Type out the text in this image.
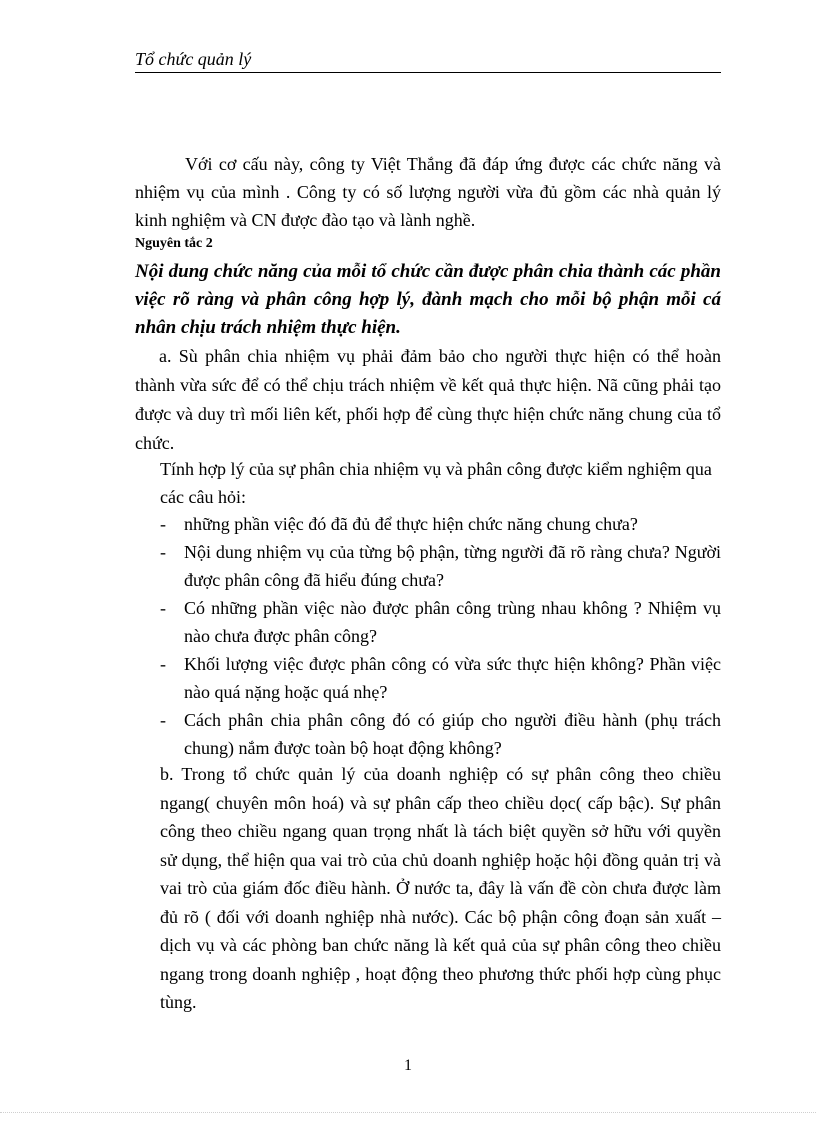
Tổ chức quản lý
Với cơ cấu này, công ty Việt Thắng đã đáp ứng được các chức năng và nhiệm vụ của mình . Công ty có số lượng người vừa đủ gồm các nhà quản lý kinh nghiệm và CN được đào tạo và lành nghề.
Nguyên tắc 2
Nội dung chức năng của mỗi tổ chức cần được phân chia thành các phần việc rõ ràng và phân công hợp lý, đành mạch cho mỗi bộ phận mỗi cá nhân chịu trách nhiệm thực hiện.
a. Sù phân chia nhiệm vụ phải đảm bảo cho người thực hiện có thể hoàn thành vừa sức để có thể chịu trách nhiệm về kết quả thực hiện. Nã cũng phải tạo được và duy trì mối liên kết, phối hợp để cùng thực hiện chức năng chung của tổ chức.
Tính hợp lý của sự phân chia nhiệm vụ và phân công được kiểm nghiệm qua các câu hỏi:
- những phần việc đó đã đủ để thực hiện chức năng chung chưa?
- Nội dung nhiệm vụ của từng bộ phận, từng người đã rõ ràng chưa? Người được phân công đã hiểu đúng chưa?
- Có những phần việc nào được phân công trùng nhau không ? Nhiệm vụ nào chưa được phân công?
- Khối lượng việc được phân công có vừa sức thực hiện không? Phần việc nào quá nặng hoặc quá nhẹ?
- Cách phân chia phân công đó có giúp cho người điều hành (phụ trách chung) nắm được toàn bộ hoạt động không?
b. Trong tổ chức quản lý của doanh nghiệp có sự phân công theo chiều ngang( chuyên môn hoá) và sự phân cấp theo chiều dọc( cấp bậc). Sự phân công theo chiều ngang quan trọng nhất là tách biệt quyền sở hữu với quyền sử dụng, thể hiện qua vai trò của chủ doanh nghiệp hoặc hội đồng quản trị và vai trò của giám đốc điều hành. Ở nước ta, đây là vấn đề còn chưa được làm đủ rõ ( đối với doanh nghiệp nhà nước). Các bộ phận công đoạn sản xuất – dịch vụ và các phòng ban chức năng là kết quả của sự phân công theo chiều ngang trong doanh nghiệp , hoạt động theo phương thức phối hợp cùng phục tùng.
1
